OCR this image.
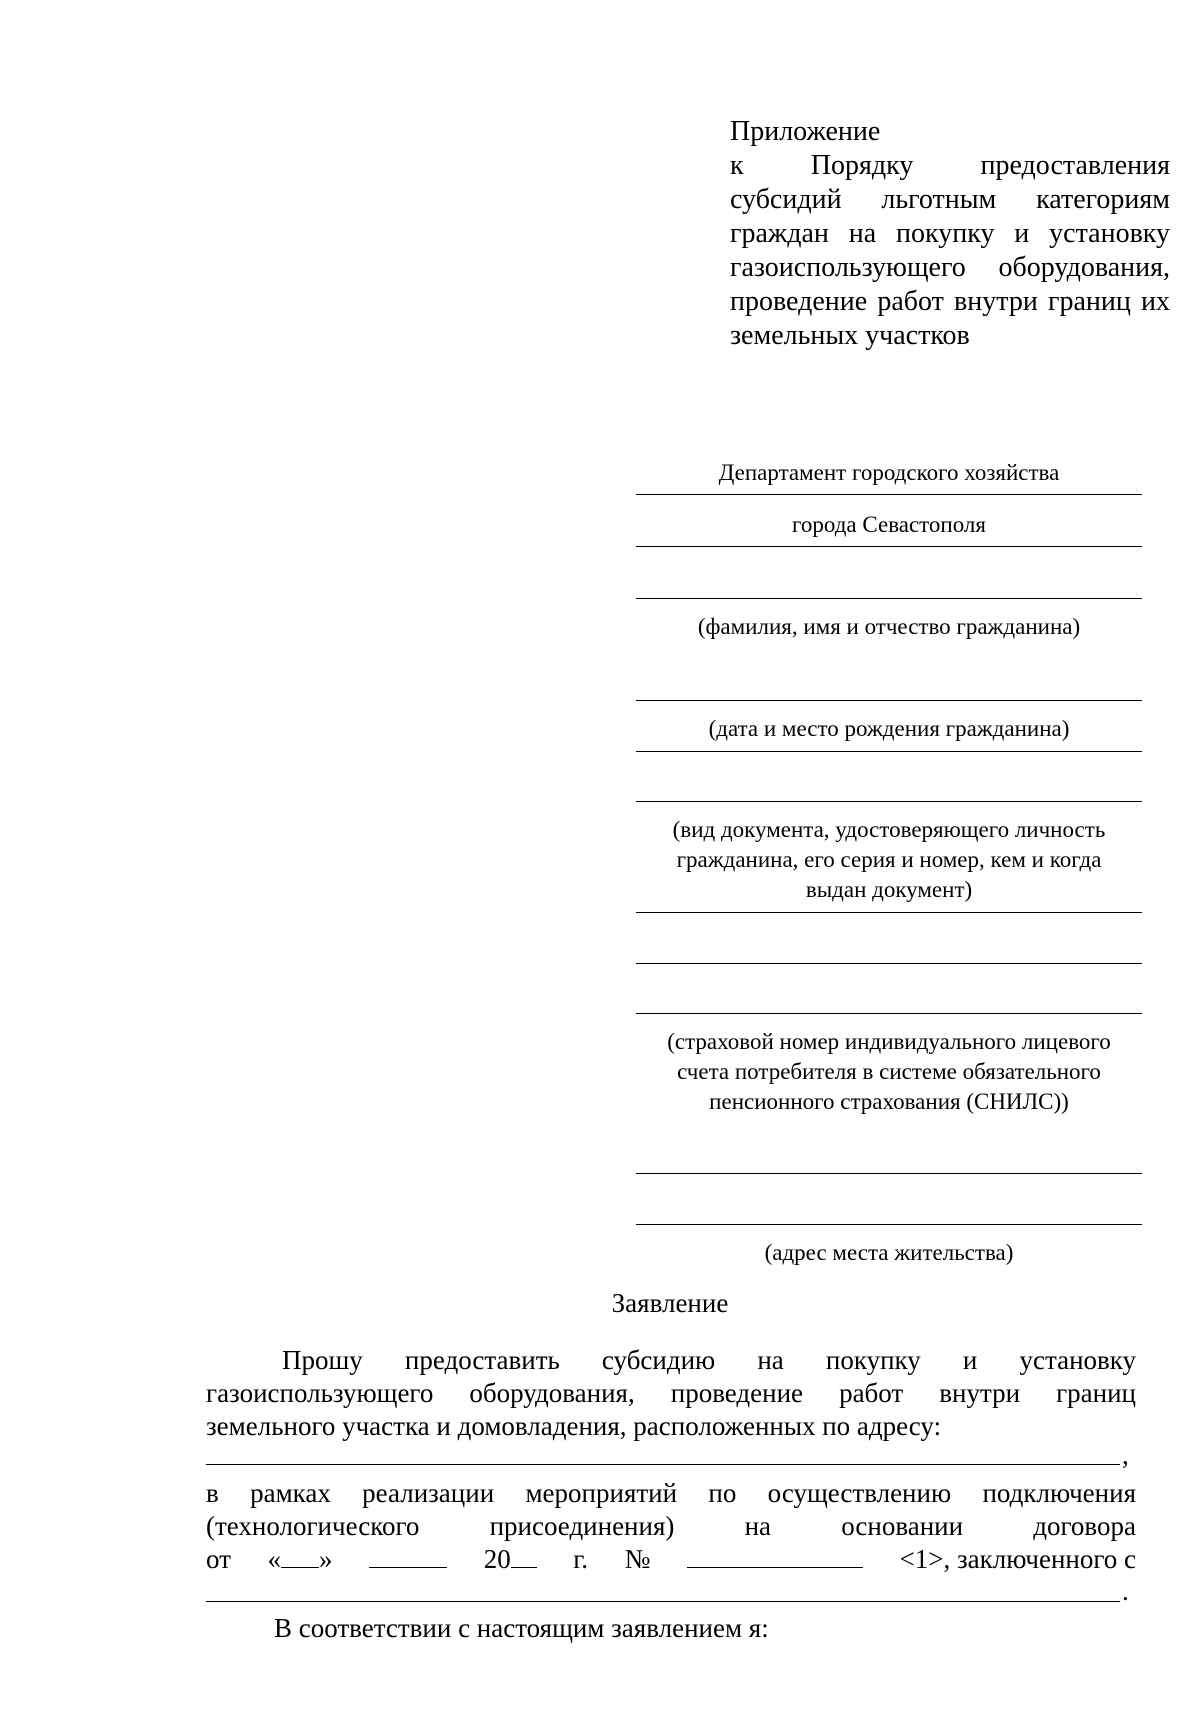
Приложение
к Порядку предоставления
субсидий льготным категориям
граждан на покупку и установку
газоиспользующего оборудования,
проведение работ внутри границ их
земельных участков
Департамент городского хозяйства
города Севастополя
(фамилия, имя и отчество гражданина)
(дата и место рождения гражданина)
(вид документа, удостоверяющего личность
гражданина, его серия и номер, кем и когда
выдан документ)
(страховой номер индивидуального лицевого
счета потребителя в системе обязательного
пенсионного страхования (СНИЛС))
(адрес места жительства)
Заявление
Прошу предоставить субсидию на покупку и установку
газоиспользующего оборудования, проведение работ внутри границ
земельного участка и домовладения, расположенных по адресу:
,
в рамках реализации мероприятий по осуществлению подключения
(технологического присоединения) на основании договора
от « »	20	г. №	<1>, заключенного с
.
В соответствии с настоящим заявлением я:
